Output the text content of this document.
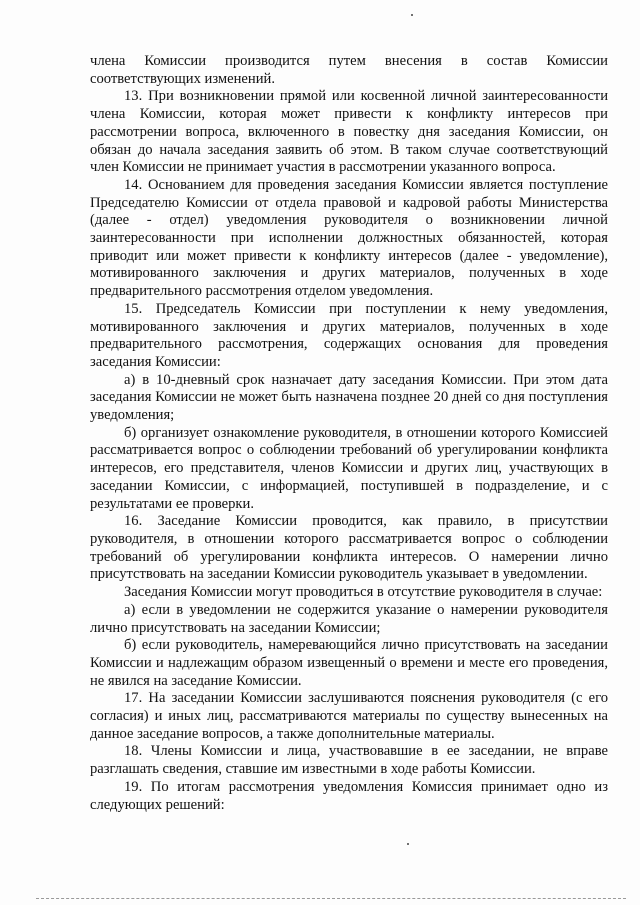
члена Комиссии производится путем внесения в состав Комиссии соответствующих изменений.

13. При возникновении прямой или косвенной личной заинтересованности члена Комиссии, которая может привести к конфликту интересов при рассмотрении вопроса, включенного в повестку дня заседания Комиссии, он обязан до начала заседания заявить об этом. В таком случае соответствующий член Комиссии не принимает участия в рассмотрении указанного вопроса.

14. Основанием для проведения заседания Комиссии является поступление Председателю Комиссии от отдела правовой и кадровой работы Министерства (далее - отдел) уведомления руководителя о возникновении личной заинтересованности при исполнении должностных обязанностей, которая приводит или может привести к конфликту интересов (далее - уведомление), мотивированного заключения и других материалов, полученных в ходе предварительного рассмотрения отделом уведомления.

15. Председатель Комиссии при поступлении к нему уведомления, мотивированного заключения и других материалов, полученных в ходе предварительного рассмотрения, содержащих основания для проведения заседания Комиссии:

а) в 10-дневный срок назначает дату заседания Комиссии. При этом дата заседания Комиссии не может быть назначена позднее 20 дней со дня поступления уведомления;

б) организует ознакомление руководителя, в отношении которого Комиссией рассматривается вопрос о соблюдении требований об урегулировании конфликта интересов, его представителя, членов Комиссии и других лиц, участвующих в заседании Комиссии, с информацией, поступившей в подразделение, и с результатами ее проверки.

16. Заседание Комиссии проводится, как правило, в присутствии руководителя, в отношении которого рассматривается вопрос о соблюдении требований об урегулировании конфликта интересов. О намерении лично присутствовать на заседании Комиссии руководитель указывает в уведомлении.

Заседания Комиссии могут проводиться в отсутствие руководителя в случае:

а) если в уведомлении не содержится указание о намерении руководителя лично присутствовать на заседании Комиссии;

б) если руководитель, намеревающийся лично присутствовать на заседании Комиссии и надлежащим образом извещенный о времени и месте его проведения, не явился на заседание Комиссии.

17. На заседании Комиссии заслушиваются пояснения руководителя (с его согласия) и иных лиц, рассматриваются материалы по существу вынесенных на данное заседание вопросов, а также дополнительные материалы.

18. Члены Комиссии и лица, участвовавшие в ее заседании, не вправе разглашать сведения, ставшие им известными в ходе работы Комиссии.

19. По итогам рассмотрения уведомления Комиссия принимает одно из следующих решений:
